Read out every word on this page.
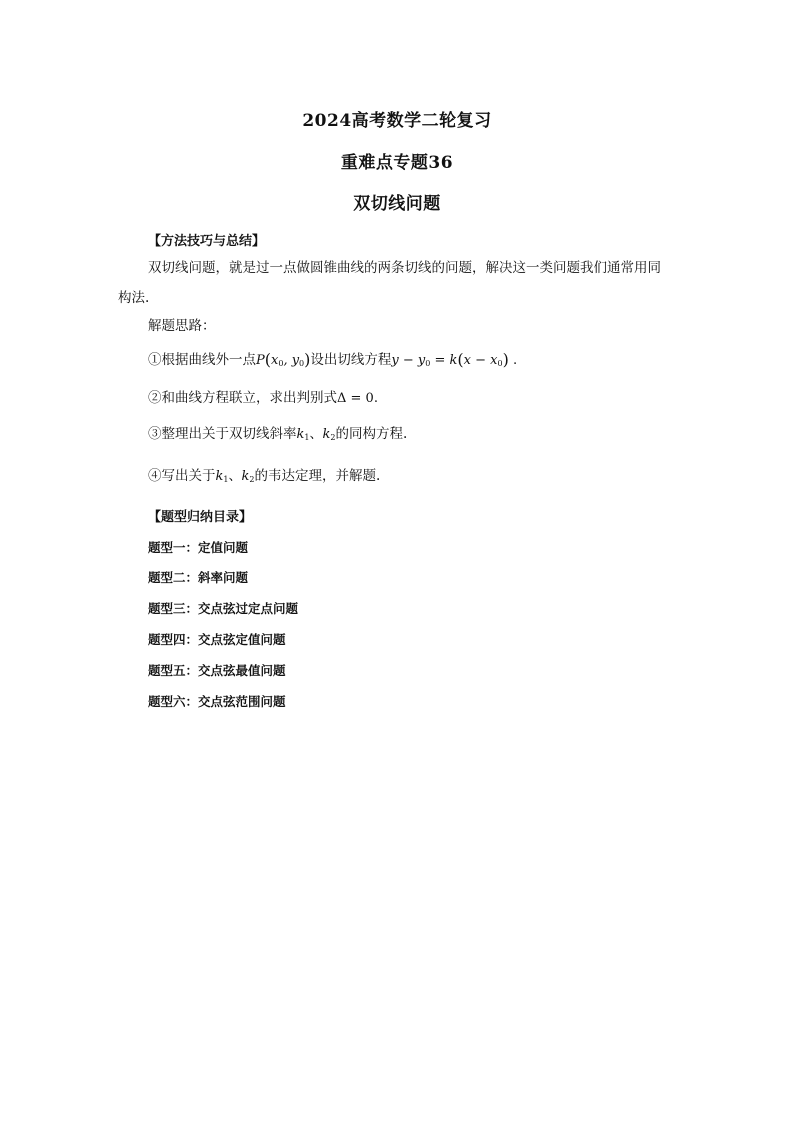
2024高考数学二轮复习
重难点专题36
双切线问题
【方法技巧与总结】
双切线问题，就是过一点做圆锥曲线的两条切线的问题，解决这一类问题我们通常用同
构法.
解题思路：
①根据曲线外一点$P(x_0$, $y_0$)设出切线方程$y - y_0 = k(x - x_0)$ .
②和曲线方程联立，求出判别式Δ = 0.
③整理出关于双切线斜率$k_1$、$k_2$的同构方程.
④写出关于$k_1$、$k_2$的韦达定理，并解题.
【题型归纳目录】
题型一：定值问题
题型二：斜率问题
题型三：交点弦过定点问题
题型四：交点弦定值问题
题型五：交点弦最值问题
题型六：交点弦范围问题
